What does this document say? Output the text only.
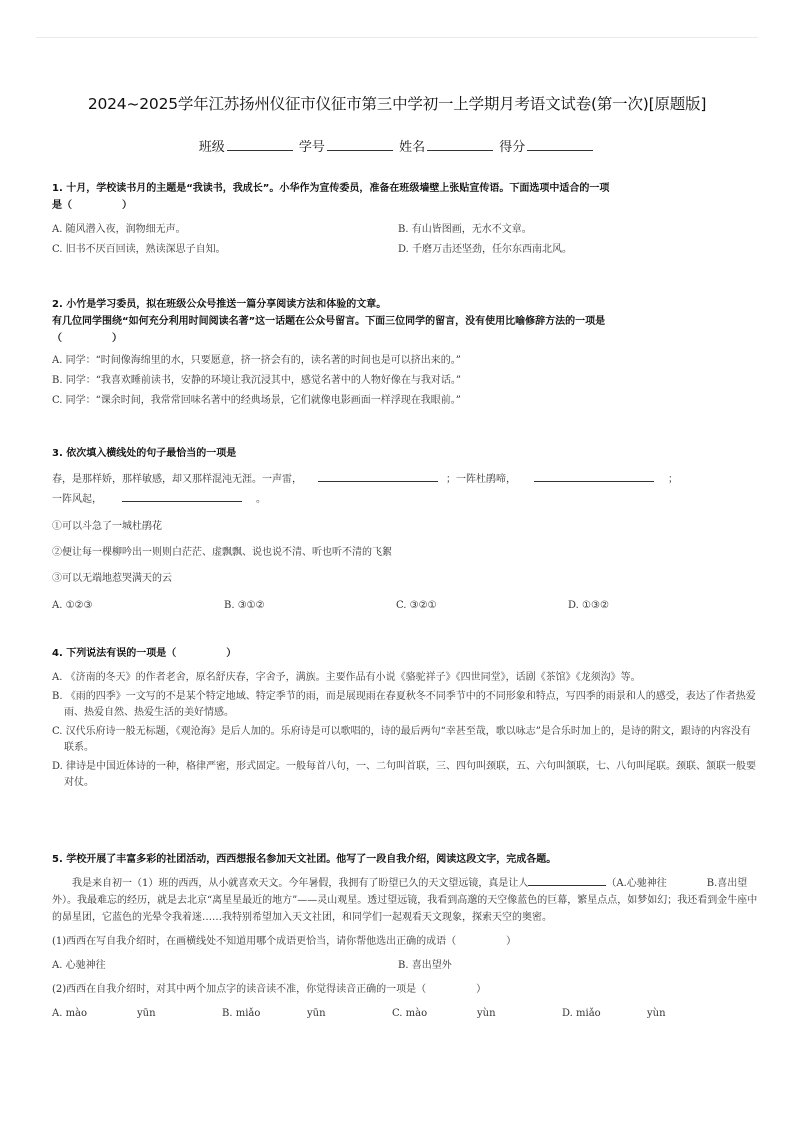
2024~2025学年江苏扬州仪征市仪征市第三中学初一上学期月考语文试卷(第一次)[原题版]
班级	学号	姓名	得分
1. 十月，学校读书月的主题是“我读书，我成长”。小华作为宣传委员，准备在班级墙壁上张贴宣传语。下面选项中适合的一项
是（　　　　　）
A. 随风潜入夜，润物细无声。	B. 有山皆图画，无水不文章。
C. 旧书不厌百回读，熟读深思子自知。	D. 千磨万击还坚劲，任尔东西南北风。
2. 小竹是学习委员，拟在班级公众号推送一篇分享阅读方法和体验的文章。
有几位同学围绕“如何充分利用时间阅读名著”这一话题在公众号留言。下面三位同学的留言，没有使用比喻修辞方法的一项是
（　　　　　）
A. 同学：“时间像海绵里的水，只要愿意，挤一挤会有的，读名著的时间也是可以挤出来的。”
B. 同学：“我喜欢睡前读书，安静的环境让我沉浸其中，感觉名著中的人物好像在与我对话。”
C. 同学：“课余时间，我常常回味名著中的经典场景，它们就像电影画面一样浮现在我眼前。”
3. 依次填入横线处的句子最恰当的一项是
春，是那样娇，那样敏感，却又那样混沌无涯。一声雷，	；一阵杜鹃啼，	；
一阵风起，	。
①可以斗急了一城杜鹃花
②便让每一棵柳吟出一则则白茫茫、虚飘飘、说也说不清、听也听不清的飞絮
③可以无端地惹哭满天的云
A. ①②③	B. ③①②	C. ③②①	D. ①③②
4. 下列说法有误的一项是（　　　　　）
A. 《济南的冬天》的作者老舍，原名舒庆春，字舍予，满族。主要作品有小说《骆驼祥子》《四世同堂》，话剧《茶馆》《龙须沟》等。
B. 《雨的四季》一文写的不是某个特定地域、特定季节的雨，而是展现雨在春夏秋冬不同季节中的不同形象和特点，写四季的雨景和人的感受，表达了作者热爱雨、热爱自然、热爱生活的美好情感。
C. 汉代乐府诗一般无标题，《观沧海》是后人加的。乐府诗是可以歌唱的，诗的最后两句“幸甚至哉，歌以咏志”是合乐时加上的，是诗的附文，跟诗的内容没有联系。
D. 律诗是中国近体诗的一种，格律严密，形式固定。一般每首八句，一、二句叫首联，三、四句叫颈联，五、六句叫颔联，七、八句叫尾联。颈联、颔联一般要对仗。
5. 学校开展了丰富多彩的社团活动，西西想报名参加天文社团。他写了一段自我介绍，阅读这段文字，完成各题。
我是来自初一（1）班的西西，从小就喜欢天文。今年暑假，我拥有了盼望已久的天文望远镜，真是让人	（A.心驰神往　　　　B.喜出望外）。我最难忘的经历，就是去北京“离星星最近的地方”——灵山观星。透过望远镜，我看到高邈的天空像蓝色的巨幕，繁星点点，如梦如幻；我还看到金牛座中的昴星团，它蓝色的光晕令我着迷……我特别希望加入天文社团，和同学们一起观看天文现象，探索天空的奥密。
(1)西西在写自我介绍时，在画横线处不知道用哪个成语更恰当，请你帮他选出正确的成语（　　　　　）
A. 心驰神往	B. 喜出望外
(2)西西在自我介绍时，对其中两个加点字的读音读不准，你觉得读音正确的一项是（　　　　　）
A. mào	yūn	B. miǎo	yūn	C. mào	yùn	D. miǎo	yùn
